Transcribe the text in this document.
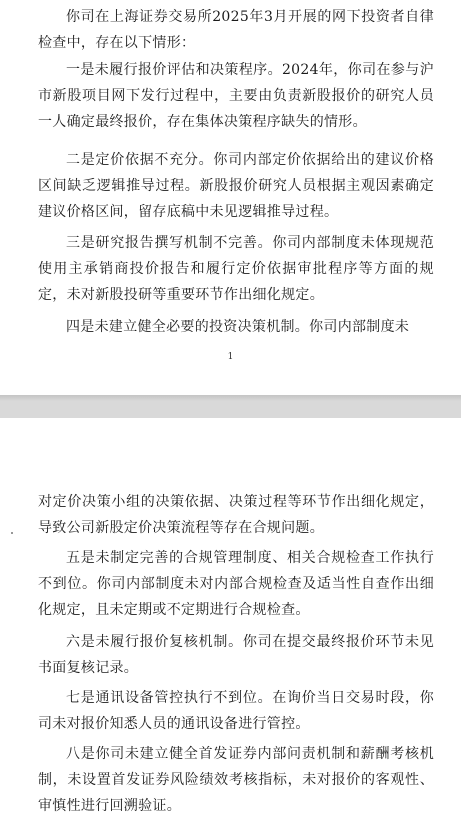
你司在上海证券交易所2025年3月开展的网下投资者自律检查中，存在以下情形：

一是未履行报价评估和决策程序。2024年，你司在参与沪市新股项目网下发行过程中，主要由负责新股报价的研究人员一人确定最终报价，存在集体决策程序缺失的情形。

二是定价依据不充分。你司内部定价依据给出的建议价格区间缺乏逻辑推导过程。新股报价研究人员根据主观因素确定建议价格区间，留存底稿中未见逻辑推导过程。

三是研究报告撰写机制不完善。你司内部制度未体现规范使用主承销商投价报告和履行定价依据审批程序等方面的规定，未对新股投研等重要环节作出细化规定。

四是未建立健全必要的投资决策机制。你司内部制度未

1

对定价决策小组的决策依据、决策过程等环节作出细化规定，导致公司新股定价决策流程等存在合规问题。

五是未制定完善的合规管理制度、相关合规检查工作执行不到位。你司内部制度未对内部合规检查及适当性自查作出细化规定，且未定期或不定期进行合规检查。

六是未履行报价复核机制。你司在提交最终报价环节未见书面复核记录。

七是通讯设备管控执行不到位。在询价当日交易时段，你司未对报价知悉人员的通讯设备进行管控。

八是你司未建立健全首发证券内部问责机制和薪酬考核机制，未设置首发证券风险绩效考核指标，未对报价的客观性、审慎性进行回溯验证。
